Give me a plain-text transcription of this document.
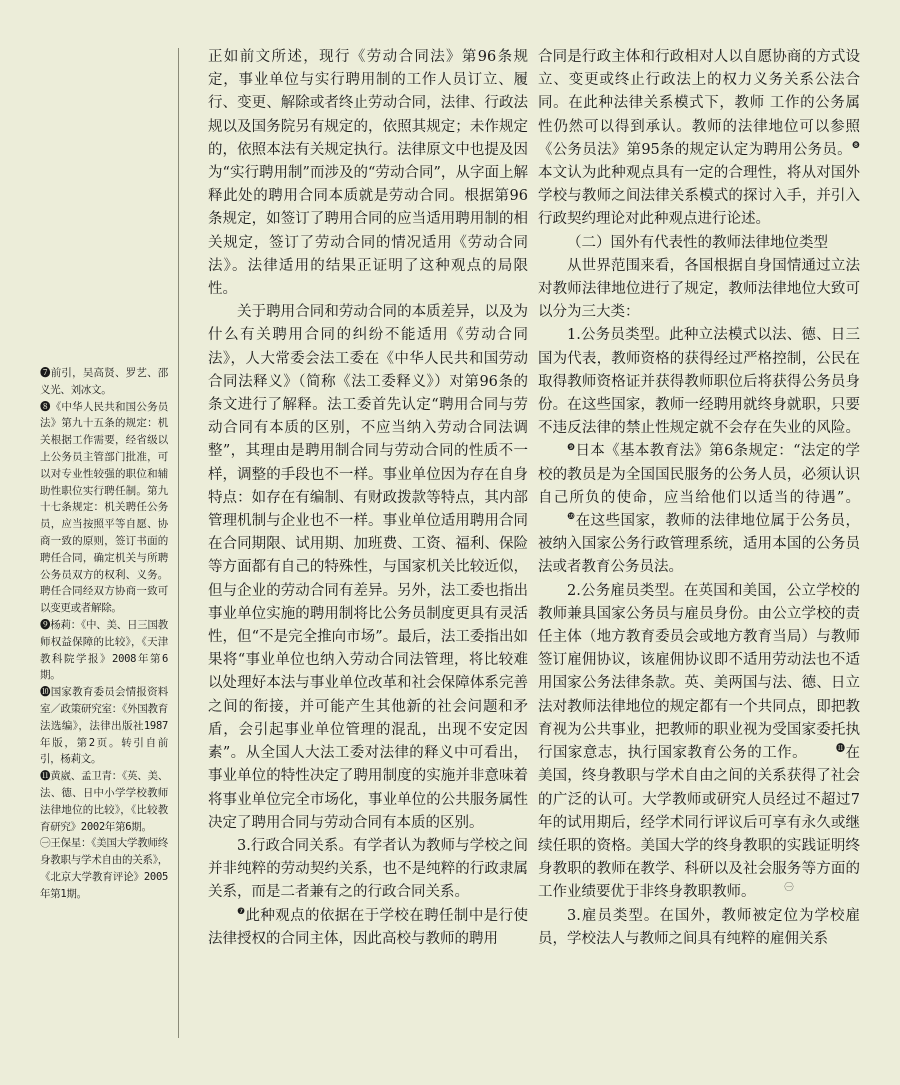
❼前引，吴高贤、罗艺、邵义光、刘冰文。

❽《中华人民共和国公务员法》第九十五条的规定：机关根据工作需要，经省级以上公务员主管部门批准，可以对专业性较强的职位和辅助性职位实行聘任制。第九十七条规定：机关聘任公务员，应当按照平等自愿、协商一致的原则，签订书面的聘任合同，确定机关与所聘公务员双方的权利、义务。聘任合同经双方协商一致可以变更或者解除。

❾杨莉：《中、美、日三国教师权益保障的比较》，《天津教科院学报》2008年第6期。

❿国家教育委员会情报资料室／政策研究室：《外国教育法选编》，法律出版社1987年版，第2页。转引自前引，杨莉文。

⓫黄崴、孟卫青：《英、美、法、德、日中小学学校教师法律地位的比较》，《比较教育研究》2002年第6期。

㊀王保星：《美国大学教师终身教职与学术自由的关系》，《北京大学教育评论》2005年第1期。

正如前文所述，现行《劳动合同法》第96条规定，事业单位与实行聘用制的工作人员订立、履行、变更、解除或者终止劳动合同，法律、行政法规以及国务院另有规定的，依照其规定；未作规定的，依照本法有关规定执行。法律原文中也提及因为“实行聘用制”而涉及的“劳动合同”，从字面上解释此处的聘用合同本质就是劳动合同。根据第96条规定，如签订了聘用合同的应当适用聘用制的相关规定，签订了劳动合同的情况适用《劳动合同法》。法律适用的结果正证明了这种观点的局限性。

关于聘用合同和劳动合同的本质差异，以及为什么有关聘用合同的纠纷不能适用《劳动合同法》，人大常委会法工委在《中华人民共和国劳动合同法释义》（简称《法工委释义》）对第96条的条文进行了解释。法工委首先认定“聘用合同与劳动合同有本质的区别，不应当纳入劳动合同法调整”，其理由是聘用制合同与劳动合同的性质不一样，调整的手段也不一样。事业单位因为存在自身特点：如存在有编制、有财政拨款等特点，其内部管理机制与企业也不一样。事业单位适用聘用合同在合同期限、试用期、加班费、工资、福利、保险等方面都有自己的特殊性，与国家机关比较近似，但与企业的劳动合同有差异。另外，法工委也指出事业单位实施的聘用制将比公务员制度更具有灵活性，但“不是完全推向市场”。最后，法工委指出如果将“事业单位也纳入劳动合同法管理，将比较难以处理好本法与事业单位改革和社会保障体系完善之间的衔接，并可能产生其他新的社会问题和矛盾，会引起事业单位管理的混乱，出现不安定因素”。从全国人大法工委对法律的释义中可看出，事业单位的特性决定了聘用制度的实施并非意味着将事业单位完全市场化，事业单位的公共服务属性决定了聘用合同与劳动合同有本质的区别。

3.行政合同关系。有学者认为教师与学校之间并非纯粹的劳动契约关系，也不是纯粹的行政隶属关系，而是二者兼有之的行政合同关系。
❼此种观点的依据在于学校在聘任制中是行使法律授权的合同主体，因此高校与教师的聘用

合同是行政主体和行政相对人以自愿协商的方式设立、变更或终止行政法上的权力义务关系公法合同。在此种法律关系模式下，教师 工作的公务属性仍然可以得到承认。教师的法律地位可以参照《公务员法》第95条的规定认定为聘用公务员。❽本文认为此种观点具有一定的合理性，将从对国外学校与教师之间法律关系模式的探讨入手，并引入行政契约理论对此种观点进行论述。

（二）国外有代表性的教师法律地位类型

从世界范围来看，各国根据自身国情通过立法对教师法律地位进行了规定，教师法律地位大致可以分为三大类：

1.公务员类型。此种立法模式以法、德、日三国为代表，教师资格的获得经过严格控制，公民在取得教师资格证并获得教师职位后将获得公务员身份。在这些国家，教师一经聘用就终身就职，只要不违反法律的禁止性规定就不会存在失业的风险。❾日本《基本教育法》第6条规定：“法定的学校的教员是为全国国民服务的公务人员，必须认识自己所负的使命，应当给他们以适当的待遇”。❿在这些国家，教师的法律地位属于公务员，被纳入国家公务行政管理系统，适用本国的公务员法或者教育公务员法。

2.公务雇员类型。在英国和美国，公立学校的教师兼具国家公务员与雇员身份。由公立学校的责任主体（地方教育委员会或地方教育当局）与教师签订雇佣协议，该雇佣协议即不适用劳动法也不适用国家公务法律条款。英、美两国与法、德、日立法对教师法律地位的规定都有一个共同点，即把教育视为公共事业，把教师的职业视为受国家委托执行国家意志，执行国家教育公务的工作。	⓫在美国，终身教职与学术自由之间的关系获得了社会的广泛的认可。大学教师或研究人员经过不超过7年的试用期后，经学术同行评议后可享有永久或继续任职的资格。美国大学的终身教职的实践证明终身教职的教师在教学、科研以及社会服务等方面的工作业绩要优于非终身教职教师。	㊀

3.雇员类型。在国外，教师被定位为学校雇员，学校法人与教师之间具有纯粹的雇佣关系
